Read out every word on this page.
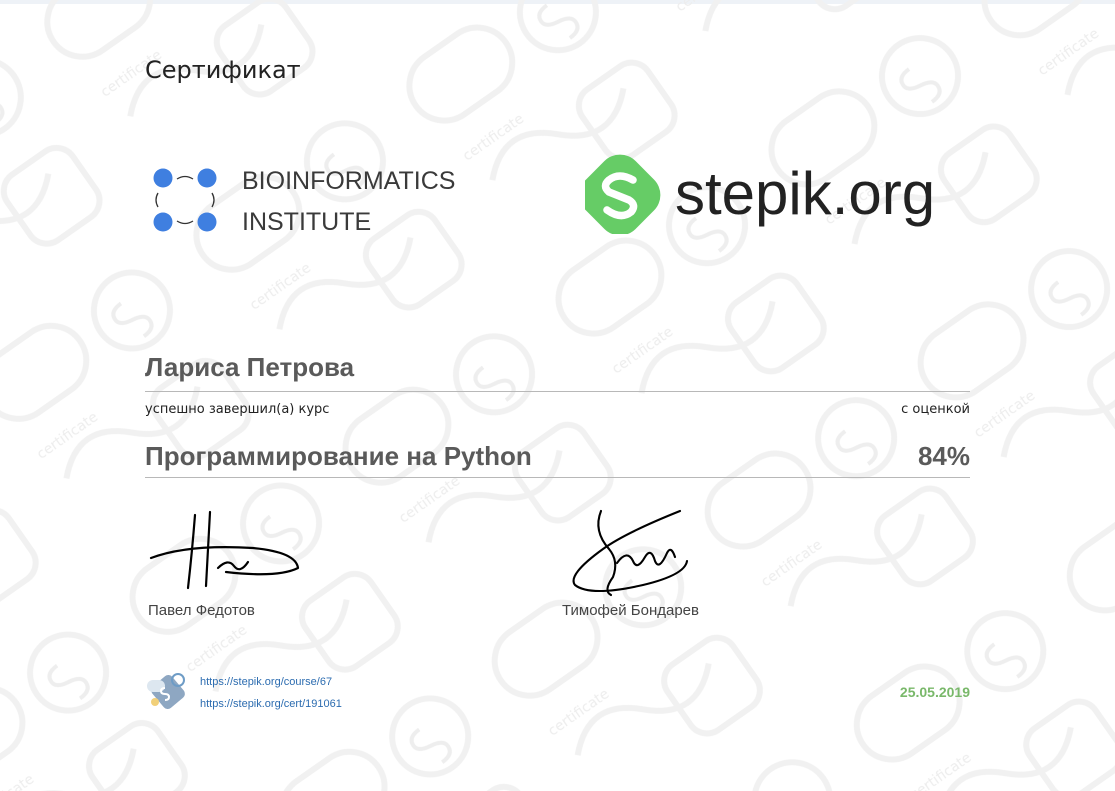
Сертификат
BIOINFORMATICS
INSTITUTE	stepik.org
Лариса Петрова
успешно завершил(а) курс	с оценкой
Программирование на Python	84%
Павел Федотов	Тимофей Бондарев
https://stepik.org/course/67
https://stepik.org/cert/191061
25.05.2019
